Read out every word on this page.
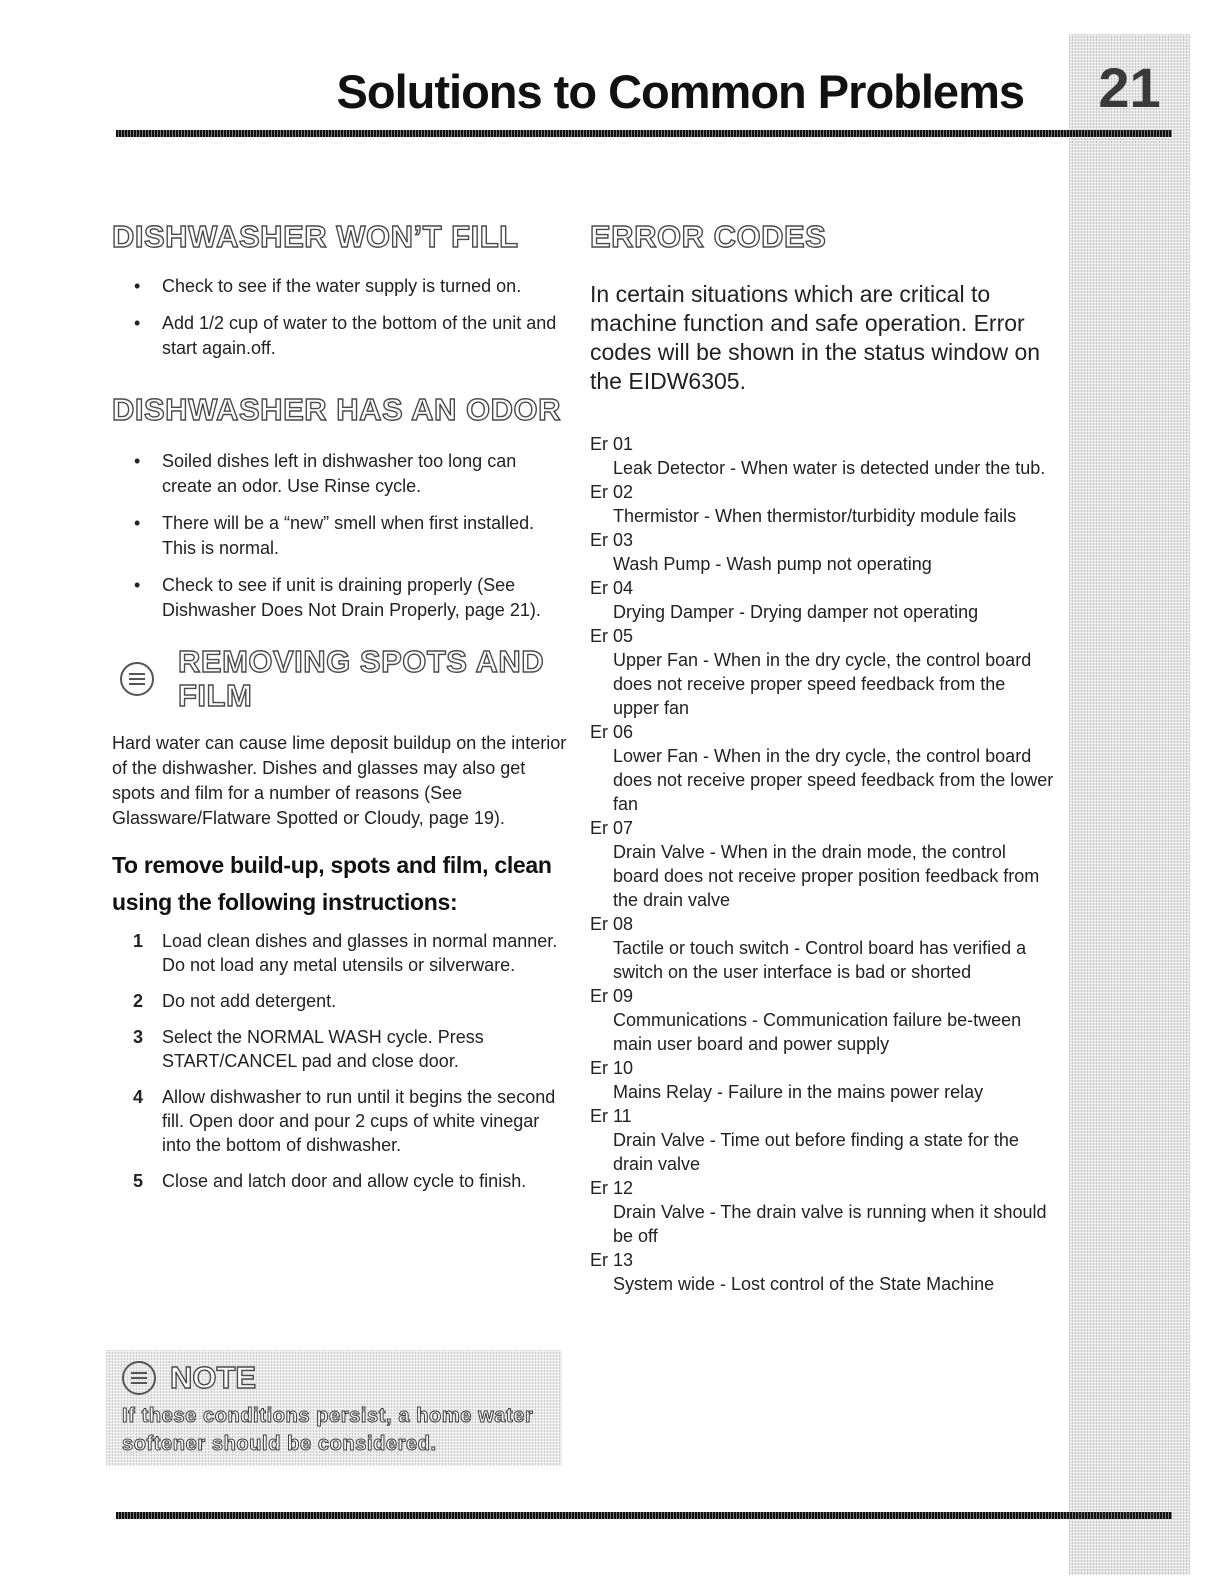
21
Solutions to Common Problems
DISHWASHER WON’T FILL
• Check to see if the water supply is turned on.
• Add 1/2 cup of water to the bottom of the unit and start again.off.
DISHWASHER HAS AN ODOR
• Soiled dishes left in dishwasher too long can create an odor. Use Rinse cycle.
• There will be a “new” smell when first installed. This is normal.
• Check to see if unit is draining properly (See Dishwasher Does Not Drain Properly, page 21).
REMOVING SPOTS AND FILM
Hard water can cause lime deposit buildup on the interior of the dishwasher. Dishes and glasses may also get spots and film for a number of reasons (See Glassware/Flatware Spotted or Cloudy, page 19).
To remove build-up, spots and film, clean using the following instructions:
1 Load clean dishes and glasses in normal manner. Do not load any metal utensils or silverware.
2 Do not add detergent.
3 Select the NORMAL WASH cycle. Press START/CANCEL pad and close door.
4 Allow dishwasher to run until it begins the second fill. Open door and pour 2 cups of white vinegar into the bottom of dishwasher.
5 Close and latch door and allow cycle to finish.
NOTE
If these conditions persist, a home water softener should be considered.
ERROR CODES
In certain situations which are critical to machine function and safe operation. Error codes will be shown in the status window on the EIDW6305.
Er 01
Leak Detector - When water is detected under the tub.
Er 02
Thermistor - When thermistor/turbidity module fails
Er 03
Wash Pump - Wash pump not operating
Er 04
Drying Damper - Drying damper not operating
Er 05
Upper Fan - When in the dry cycle, the control board does not receive proper speed feedback from the upper fan
Er 06
Lower Fan - When in the dry cycle, the control board does not receive proper speed feedback from the lower fan
Er 07
Drain Valve - When in the drain mode, the control board does not receive proper position feedback from the drain valve
Er 08
Tactile or touch switch - Control board has verified a switch on the user interface is bad or shorted
Er 09
Communications - Communication failure be-tween main user board and power supply
Er 10
Mains Relay - Failure in the mains power relay
Er 11
Drain Valve - Time out before finding a state for the drain valve
Er 12
Drain Valve - The drain valve is running when it should be off
Er 13
System wide - Lost control of the State Machine
